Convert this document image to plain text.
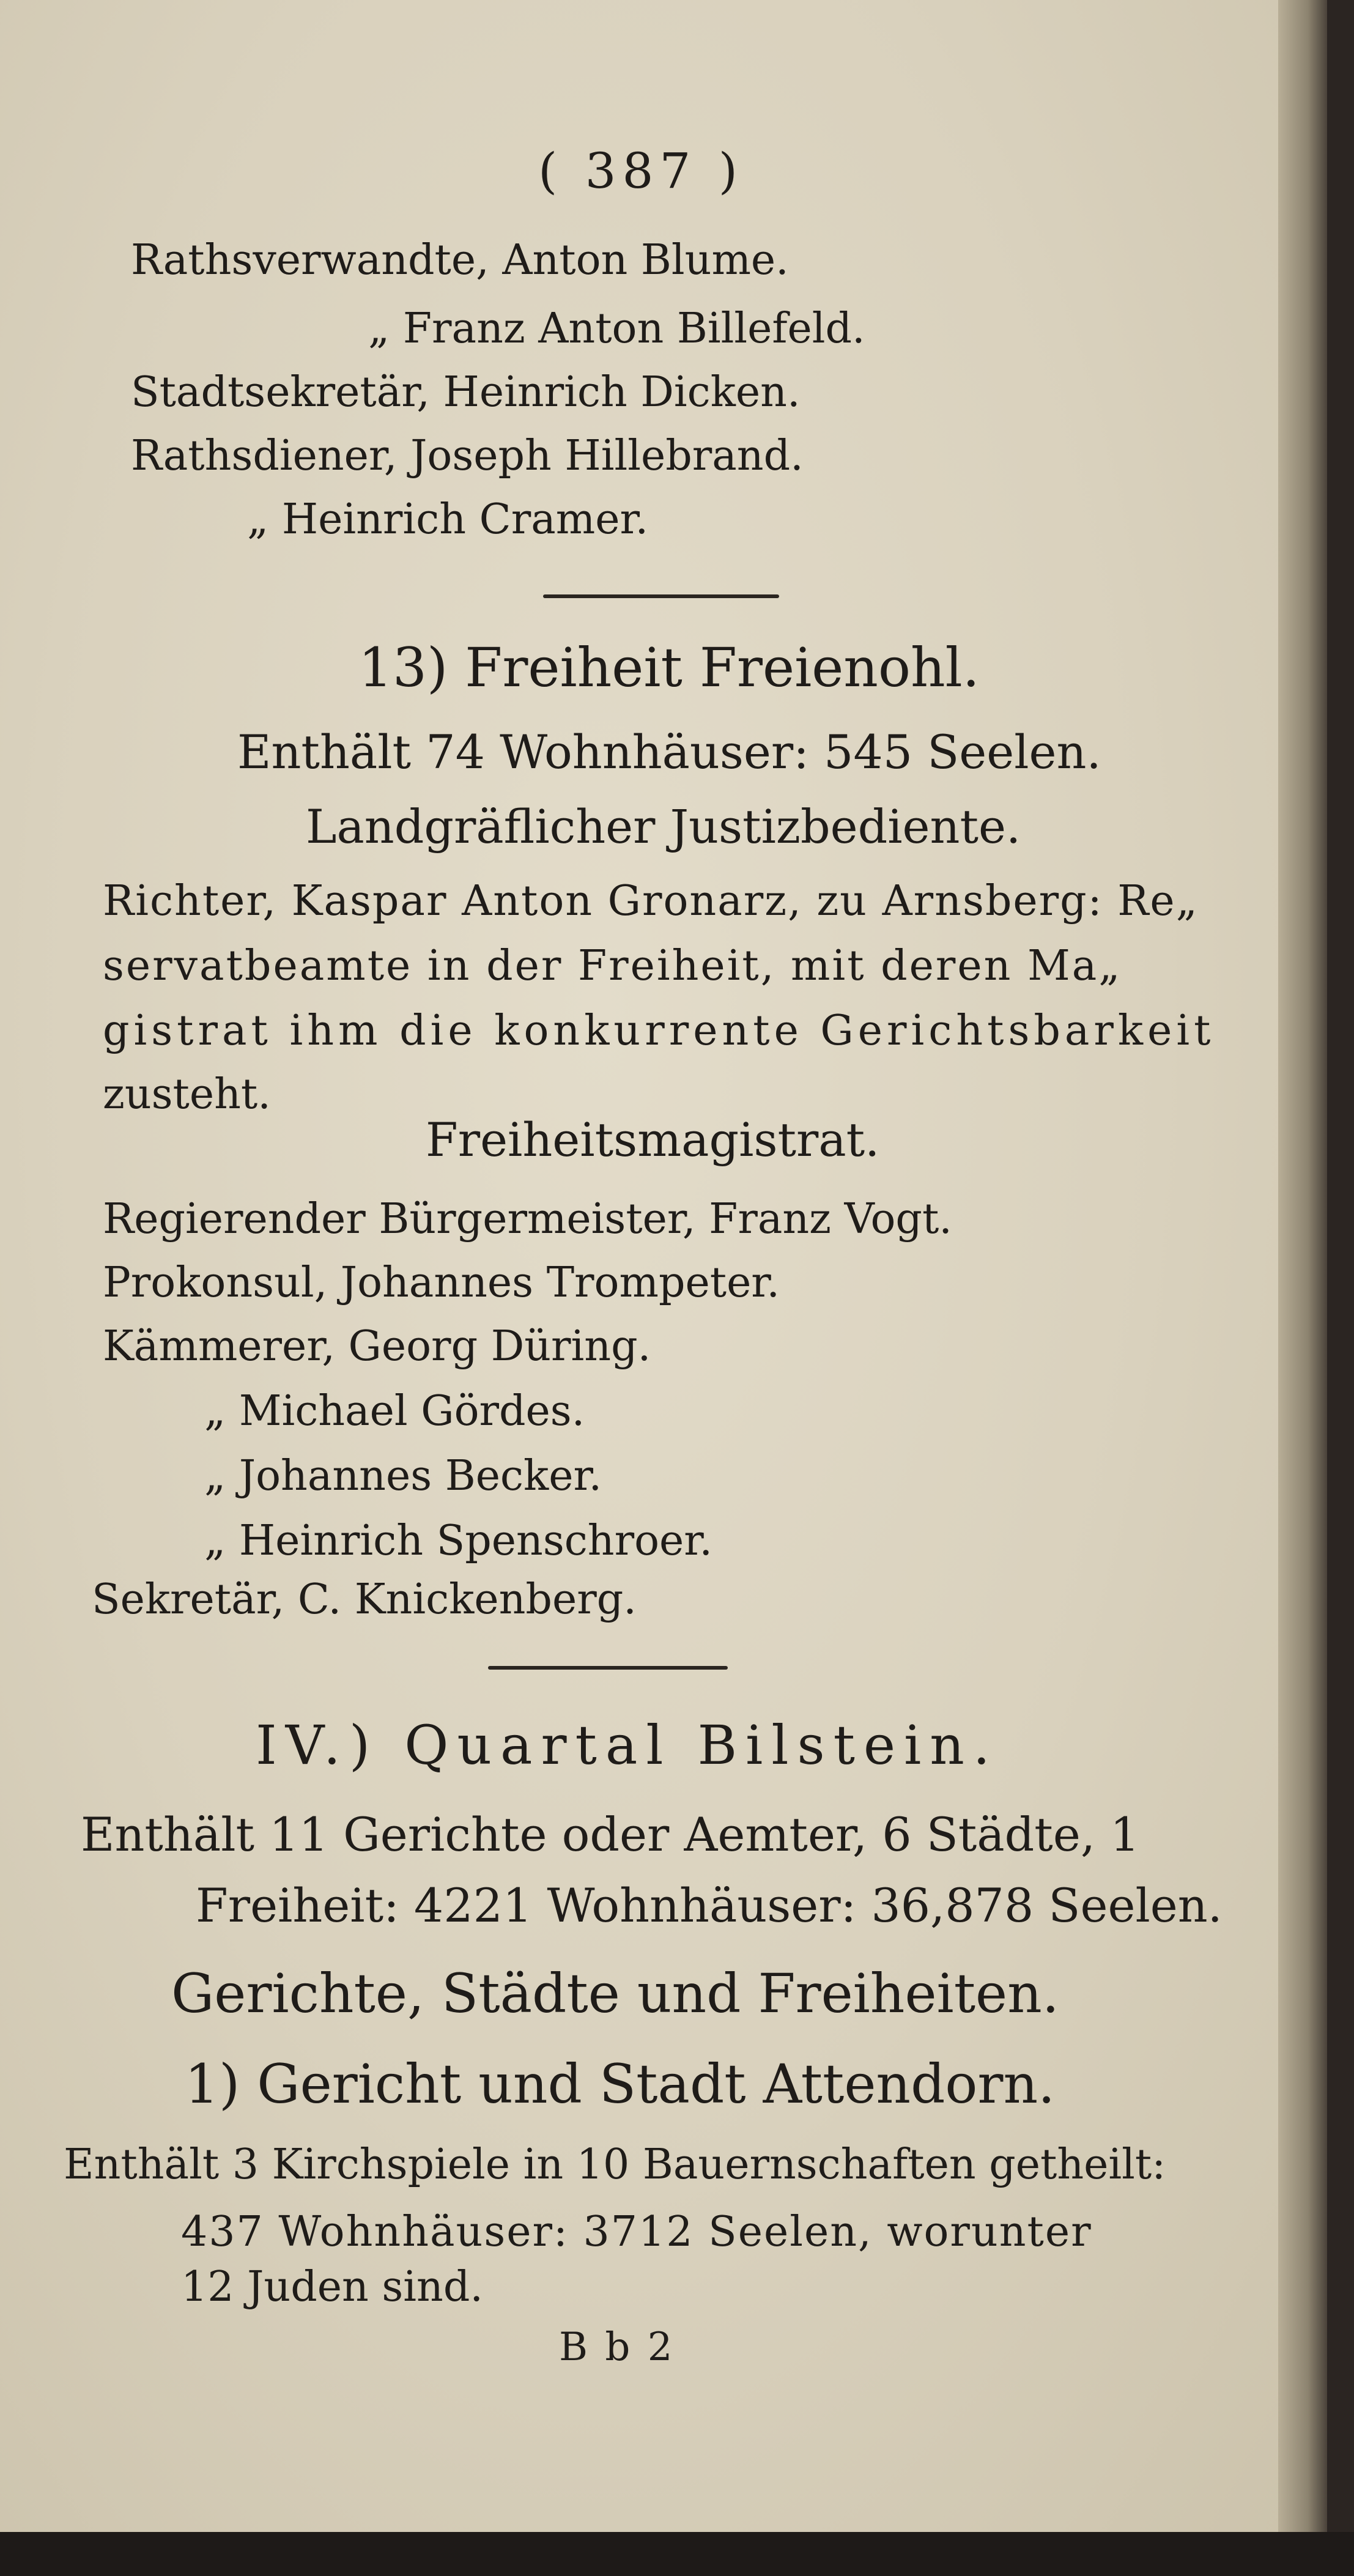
( 387 )
Rathsverwandte, Anton Blume.
„ Franz Anton Billefeld.
Stadtsekretär, Heinrich Dicken.
Rathsdiener, Joseph Hillebrand.
„ Heinrich Cramer.
13) Freiheit Freienohl.
Enthält 74 Wohnhäuser: 545 Seelen.
Landgräflicher Justizbediente.
Richter, Kaspar Anton Gronarz, zu Arnsberg: Re„
servatbeamte in der Freiheit, mit deren Ma„
gistrat ihm die konkurrente Gerichtsbarkeit
zusteht.
Freiheitsmagistrat.
Regierender Bürgermeister, Franz Vogt.
Prokonsul, Johannes Trompeter.
Kämmerer, Georg Düring.
„ Michael Gördes.
„ Johannes Becker.
„ Heinrich Spenschroer.
Sekretär, C. Knickenberg.
IV.) Quartal Bilstein.
Enthält 11 Gerichte oder Aemter, 6 Städte, 1
Freiheit: 4221 Wohnhäuser: 36,878 Seelen.
Gerichte, Städte und Freiheiten.
1) Gericht und Stadt Attendorn.
Enthält 3 Kirchspiele in 10 Bauernschaften getheilt:
437 Wohnhäuser: 3712 Seelen, worunter
12 Juden sind.
B b 2
